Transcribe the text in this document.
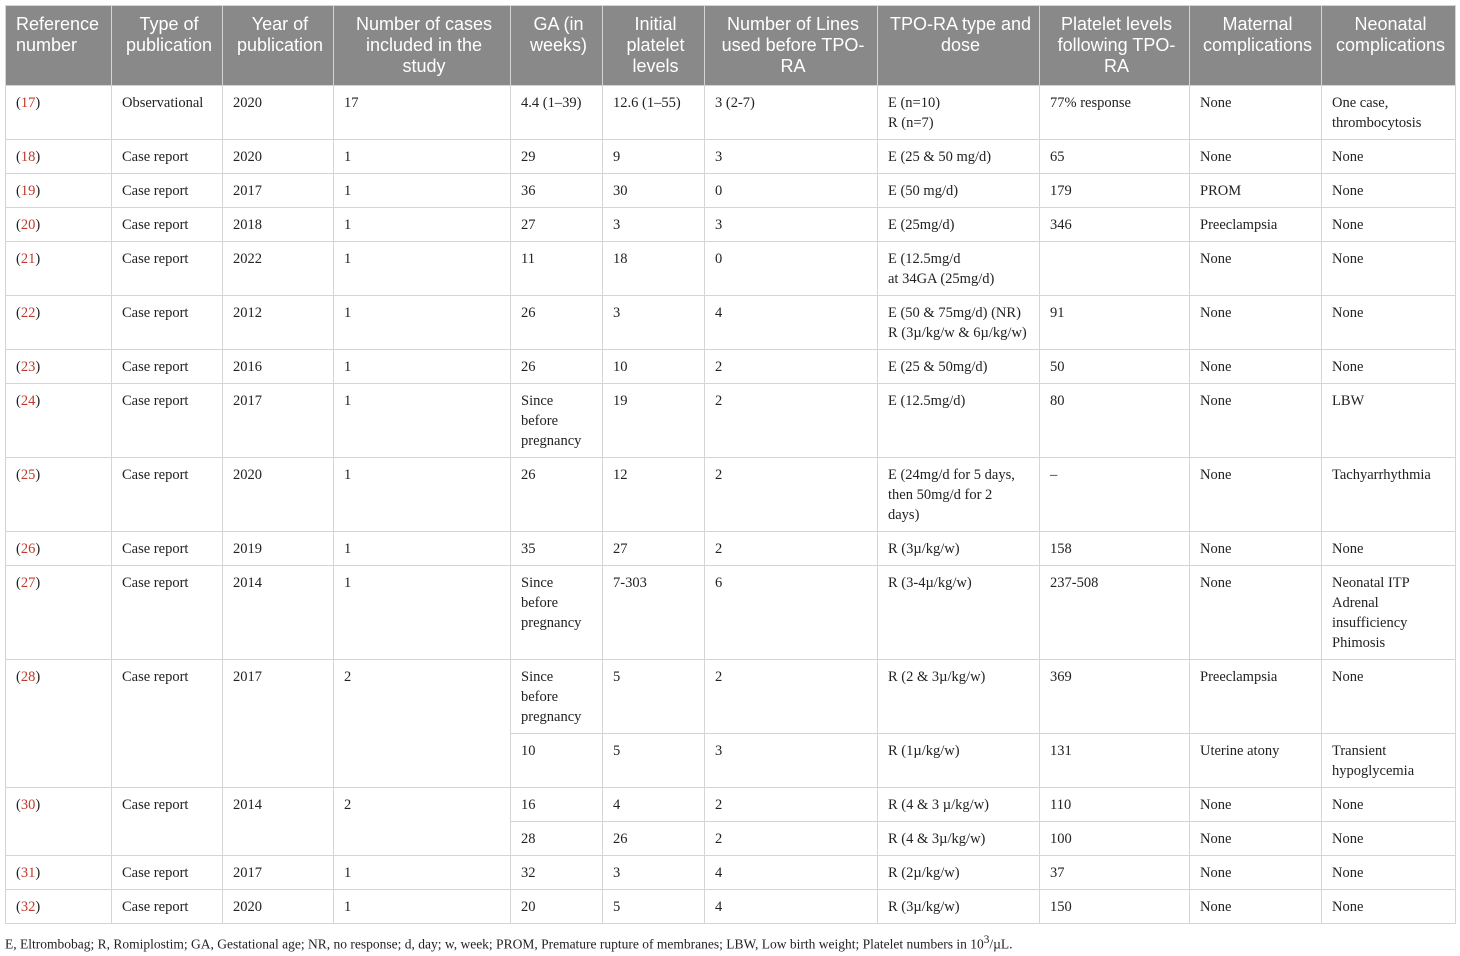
Reference number	Type of publication	Year of publication	Number of cases included in the study	GA (in weeks)	Initial platelet levels	Number of Lines used before TPO-RA	TPO-RA type and dose	Platelet levels following TPO-RA	Maternal complications	Neonatal complications
(17)	Observational	2020	17	4.4 (1–39)	12.6 (1–55)	3 (2-7)	E (n=10)
R (n=7)	77% response	None	One case,
thrombocytosis

(18)	Case report	2020	1	29	9	3	E (25 & 50 mg/d)	65	None	None

(19)	Case report	2017	1	36	30	0	E (50 mg/d)	179	PROM	None

(20)	Case report	2018	1	27	3	3	E (25mg/d)	346	Preeclampsia	None

(21)	Case report	2022	1	11	18	0	E (12.5mg/d
at 34GA (25mg/d)		None	None

(22)	Case report	2012	1	26	3	4	E (50 & 75mg/d) (NR)
R (3µ/kg/w & 6µ/kg/w)	91	None	None

(23)	Case report	2016	1	26	10	2	E (25 & 50mg/d)	50	None	None

(24)	Case report	2017	1	Since
before
pregnancy	19	2	E (12.5mg/d)	80	None	LBW

(25)	Case report	2020	1	26	12	2	E (24mg/d for 5 days,
then 50mg/d for 2
days)	–	None	Tachyarrhythmia

(26)	Case report	2019	1	35	27	2	R (3µ/kg/w)	158	None	None

(27)	Case report	2014	1	Since
before
pregnancy	7-303	6	R (3-4µ/kg/w)	237-508	None	Neonatal ITP
Adrenal
insufficiency
Phimosis

(28)	Case report	2017	2	Since
before
pregnancy	5	2	R (2 & 3µ/kg/w)	369	Preeclampsia	None

				10	5	3	R (1µ/kg/w)	131	Uterine atony	Transient
hypoglycemia

(30)	Case report	2014	2	16	4	2	R (4 & 3 µ/kg/w)	110	None	None

				28	26	2	R (4 & 3µ/kg/w)	100	None	None

(31)	Case report	2017	1	32	3	4	R (2µ/kg/w)	37	None	None

(32)	Case report	2020	1	20	5	4	R (3µ/kg/w)	150	None	None
E, Eltrombobag; R, Romiplostim; GA, Gestational age; NR, no response; d, day; w, week; PROM, Premature rupture of membranes; LBW, Low birth weight; Platelet numbers in $10^3/\mu L$.
